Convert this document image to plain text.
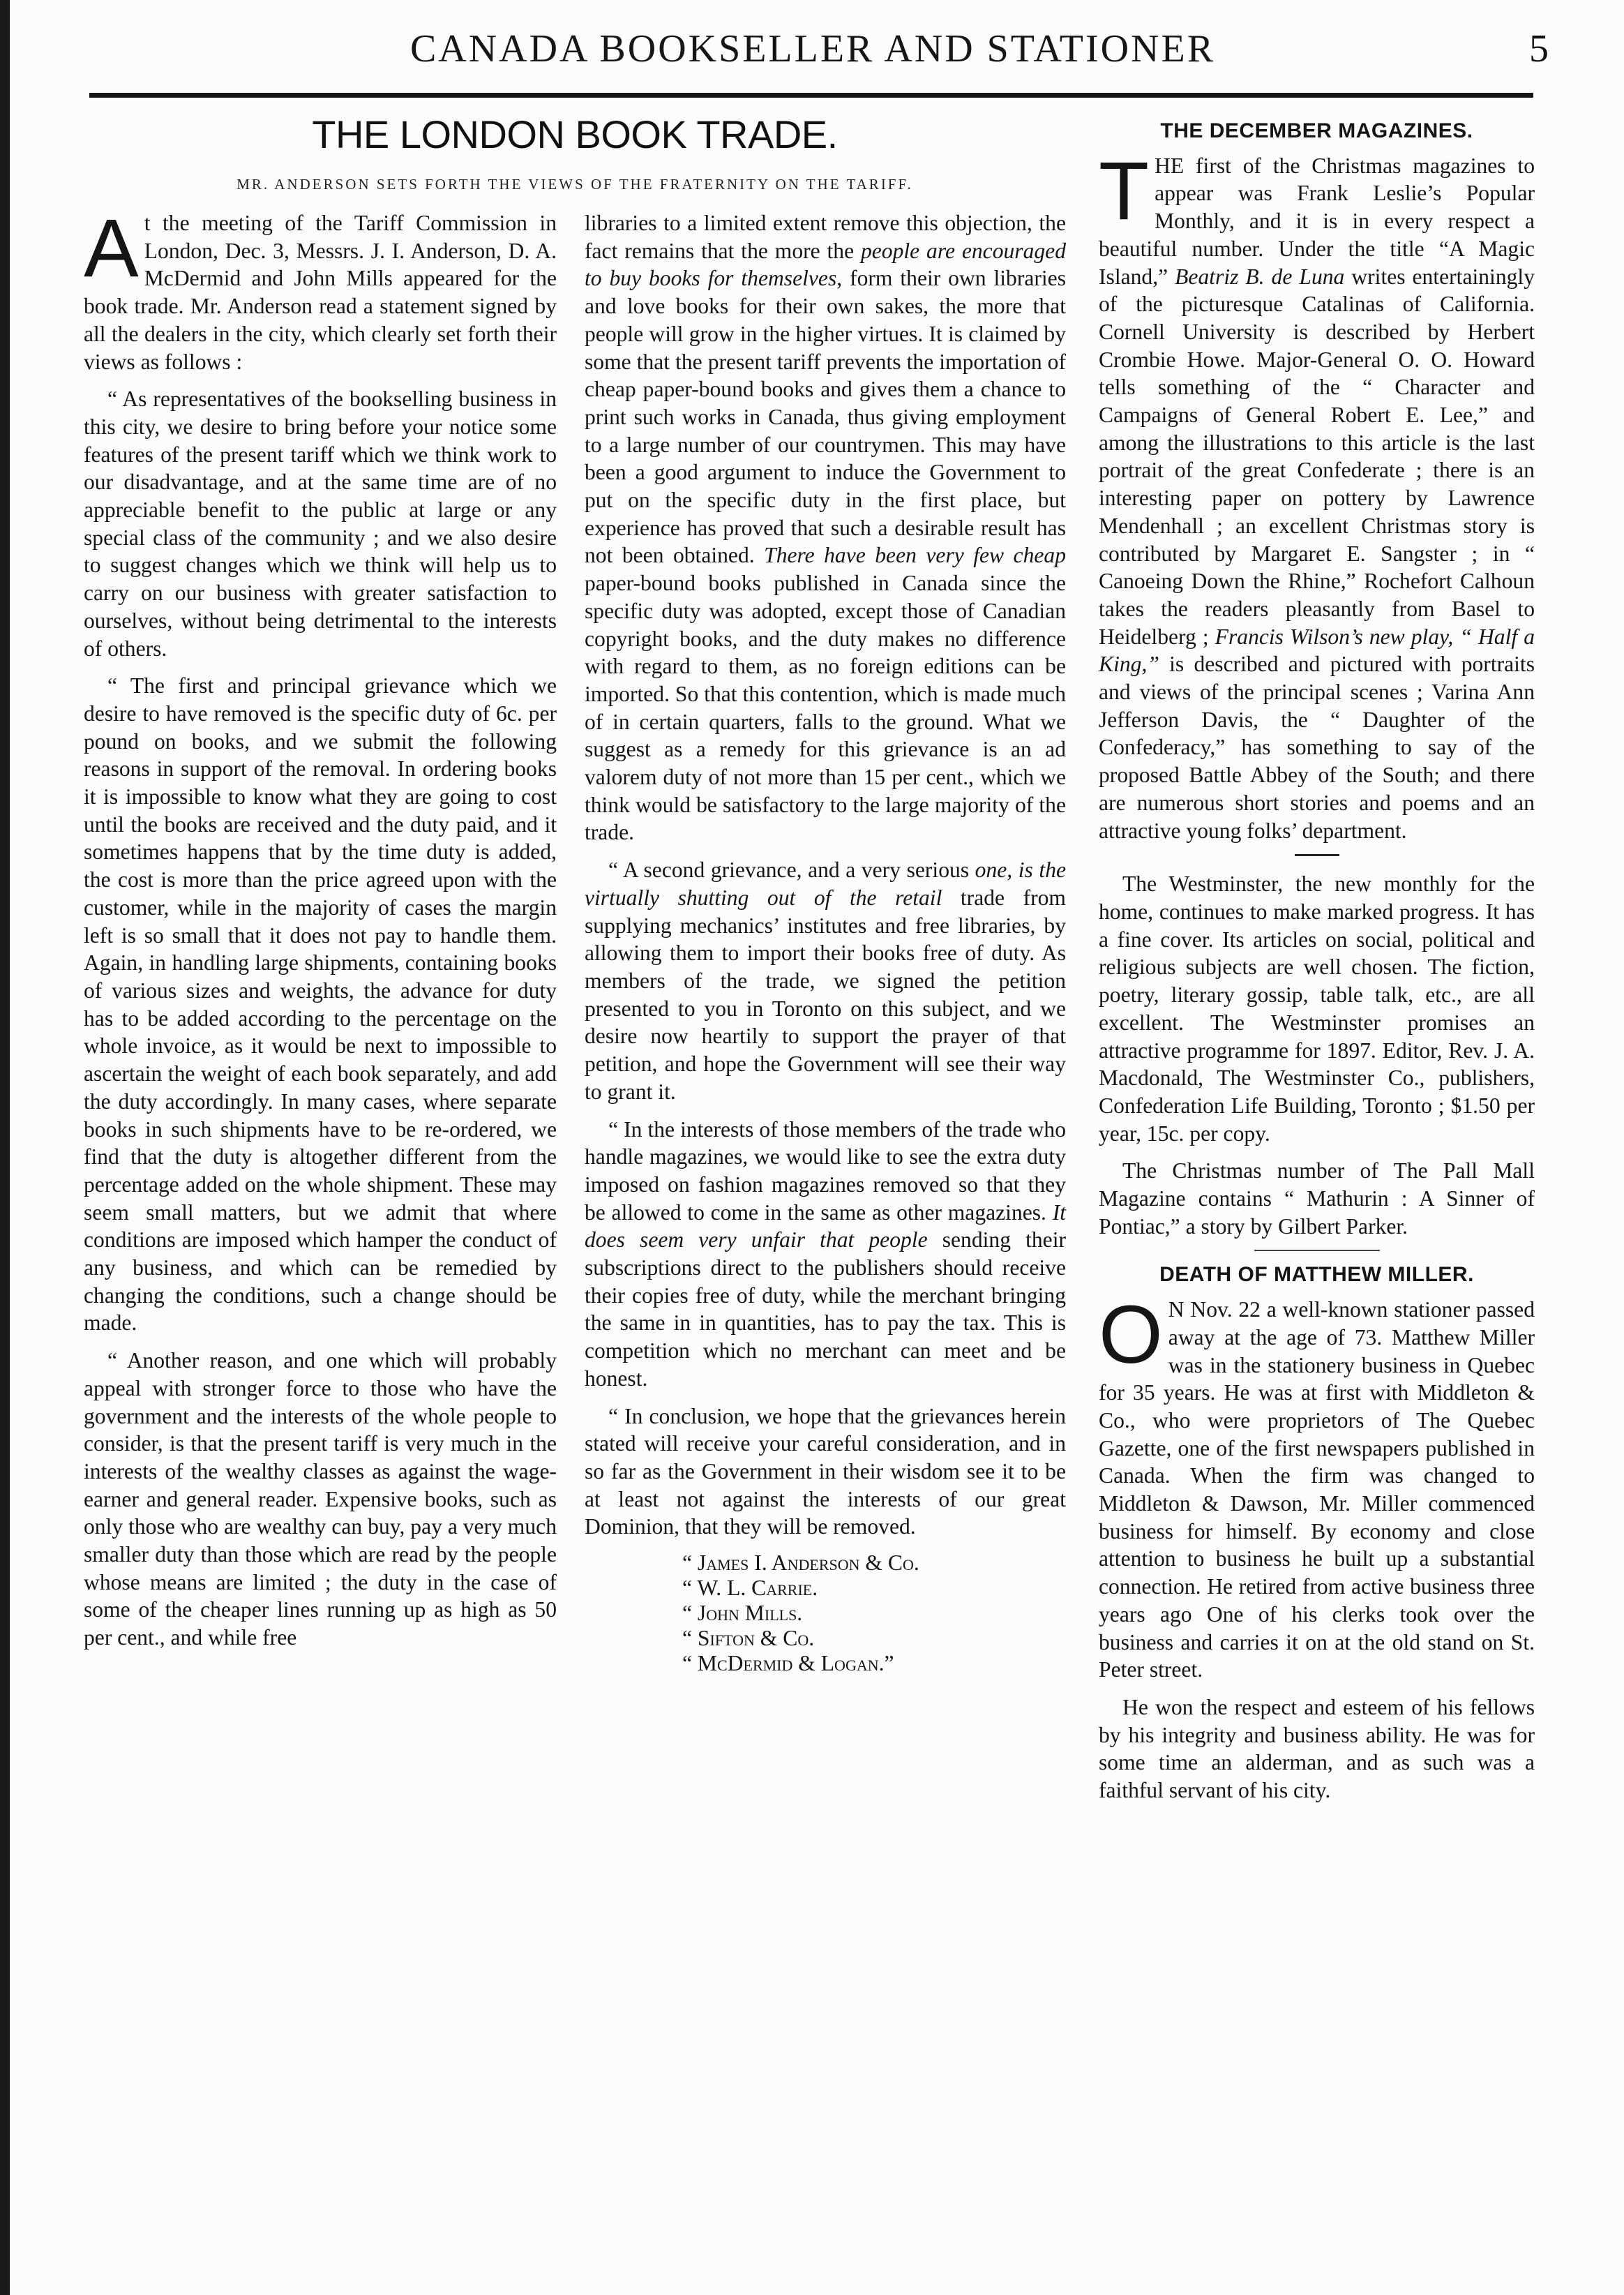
CANADA BOOKSELLER AND STATIONER	5
THE LONDON BOOK TRADE.
MR. ANDERSON SETS FORTH THE VIEWS OF THE FRATERNITY ON THE TARIFF.

At the meeting of the Tariff Commission in London, Dec. 3, Messrs. J. I. Anderson, D. A. McDermid and John Mills appeared for the book trade. Mr. Anderson read a statement signed by all the dealers in the city, which clearly set forth their views as follows :

“ As representatives of the bookselling business in this city, we desire to bring before your notice some features of the present tariff which we think work to our disadvantage, and at the same time are of no appreciable benefit to the public at large or any special class of the community ; and we also desire to suggest changes which we think will help us to carry on our business with greater satisfaction to ourselves, without being detrimental to the interests of others.

“ The first and principal grievance which we desire to have removed is the specific duty of 6c. per pound on books, and we submit the following reasons in support of the removal. In ordering books it is impossible to know what they are going to cost until the books are received and the duty paid, and it sometimes happens that by the time duty is added, the cost is more than the price agreed upon with the customer, while in the majority of cases the margin left is so small that it does not pay to handle them. Again, in handling large shipments, containing books of various sizes and weights, the advance for duty has to be added according to the percentage on the whole invoice, as it would be next to impossible to ascertain the weight of each book separately, and add the duty accordingly. In many cases, where separate books in such shipments have to be re-ordered, we find that the duty is altogether different from the percentage added on the whole shipment. These may seem small matters, but we admit that where conditions are imposed which hamper the conduct of any business, and which can be remedied by changing the conditions, such a change should be made.

“ Another reason, and one which will probably appeal with stronger force to those who have the government and the interests of the whole people to consider, is that the present tariff is very much in the interests of the wealthy classes as against the wage-earner and general reader. Expensive books, such as only those who are wealthy can buy, pay a very much smaller duty than those which are read by the people whose means are limited ; the duty in the case of some of the cheaper lines running up as high as 50 per cent., and while free

libraries to a limited extent remove this objection, the fact remains that the more the people are encouraged to buy books for themselves, form their own libraries and love books for their own sakes, the more that people will grow in the higher virtues. It is claimed by some that the present tariff prevents the importation of cheap paper-bound books and gives them a chance to print such works in Canada, thus giving employment to a large number of our countrymen. This may have been a good argument to induce the Government to put on the specific duty in the first place, but experience has proved that such a desirable result has not been obtained. There have been very few cheap paper-bound books published in Canada since the specific duty was adopted, except those of Canadian copyright books, and the duty makes no difference with regard to them, as no foreign editions can be imported. So that this contention, which is made much of in certain quarters, falls to the ground. What we suggest as a remedy for this grievance is an ad valorem duty of not more than 15 per cent., which we think would be satisfactory to the large majority of the trade.

“ A second grievance, and a very serious one, is the virtually shutting out of the retail trade from supplying mechanics’ institutes and free libraries, by allowing them to import their books free of duty. As members of the trade, we signed the petition presented to you in Toronto on this subject, and we desire now heartily to support the prayer of that petition, and hope the Government will see their way to grant it.

“ In the interests of those members of the trade who handle magazines, we would like to see the extra duty imposed on fashion magazines removed so that they be allowed to come in the same as other magazines. It does seem very unfair that people sending their subscriptions direct to the publishers should receive their copies free of duty, while the merchant bringing the same in in quantities, has to pay the tax. This is competition which no merchant can meet and be honest.

“ In conclusion, we hope that the grievances herein stated will receive your careful consideration, and in so far as the Government in their wisdom see it to be at least not against the interests of our great Dominion, that they will be removed.

“ James I. Anderson & Co.
“ W. L. Carrie.
“ John Mills.
“ Sifton & Co.
“ McDermid & Logan.”
THE DECEMBER MAGAZINES.

THE first of the Christmas magazines to appear was Frank Leslie’s Popular Monthly, and it is in every respect a beautiful number. Under the title “A Magic Island,” Beatriz B. de Luna writes entertainingly of the picturesque Catalinas of California. Cornell University is described by Herbert Crombie Howe. Major-General O. O. Howard tells something of the “ Character and Campaigns of General Robert E. Lee,” and among the illustrations to this article is the last portrait of the great Confederate ; there is an interesting paper on pottery by Lawrence Mendenhall ; an excellent Christmas story is contributed by Margaret E. Sangster ; in “ Canoeing Down the Rhine,” Rochefort Calhoun takes the readers pleasantly from Basel to Heidelberg ; Francis Wilson’s new play, “ Half a King,” is described and pictured with portraits and views of the principal scenes ; Varina Ann Jefferson Davis, the “ Daughter of the Confederacy,” has something to say of the proposed Battle Abbey of the South; and there are numerous short stories and poems and an attractive young folks’ department.

The Westminster, the new monthly for the home, continues to make marked progress. It has a fine cover. Its articles on social, political and religious subjects are well chosen. The fiction, poetry, literary gossip, table talk, etc., are all excellent. The Westminster promises an attractive programme for 1897. Editor, Rev. J. A. Macdonald, The Westminster Co., publishers, Confederation Life Building, Toronto ; $1.50 per year, 15c. per copy.

The Christmas number of The Pall Mall Magazine contains “ Mathurin : A Sinner of Pontiac,” a story by Gilbert Parker.

DEATH OF MATTHEW MILLER.

O N Nov. 22 a well-known stationer passed away at the age of 73. Matthew Miller was in the stationery business in Quebec for 35 years. He was at first with Middleton & Co., who were proprietors of The Quebec Gazette, one of the first newspapers published in Canada. When the firm was changed to Middleton & Dawson, Mr. Miller commenced business for himself. By economy and close attention to business he built up a substantial connection. He retired from active business three years ago One of his clerks took over the business and carries it on at the old stand on St. Peter street.

He won the respect and esteem of his fellows by his integrity and business ability. He was for some time an alderman, and as such was a faithful servant of his city.
